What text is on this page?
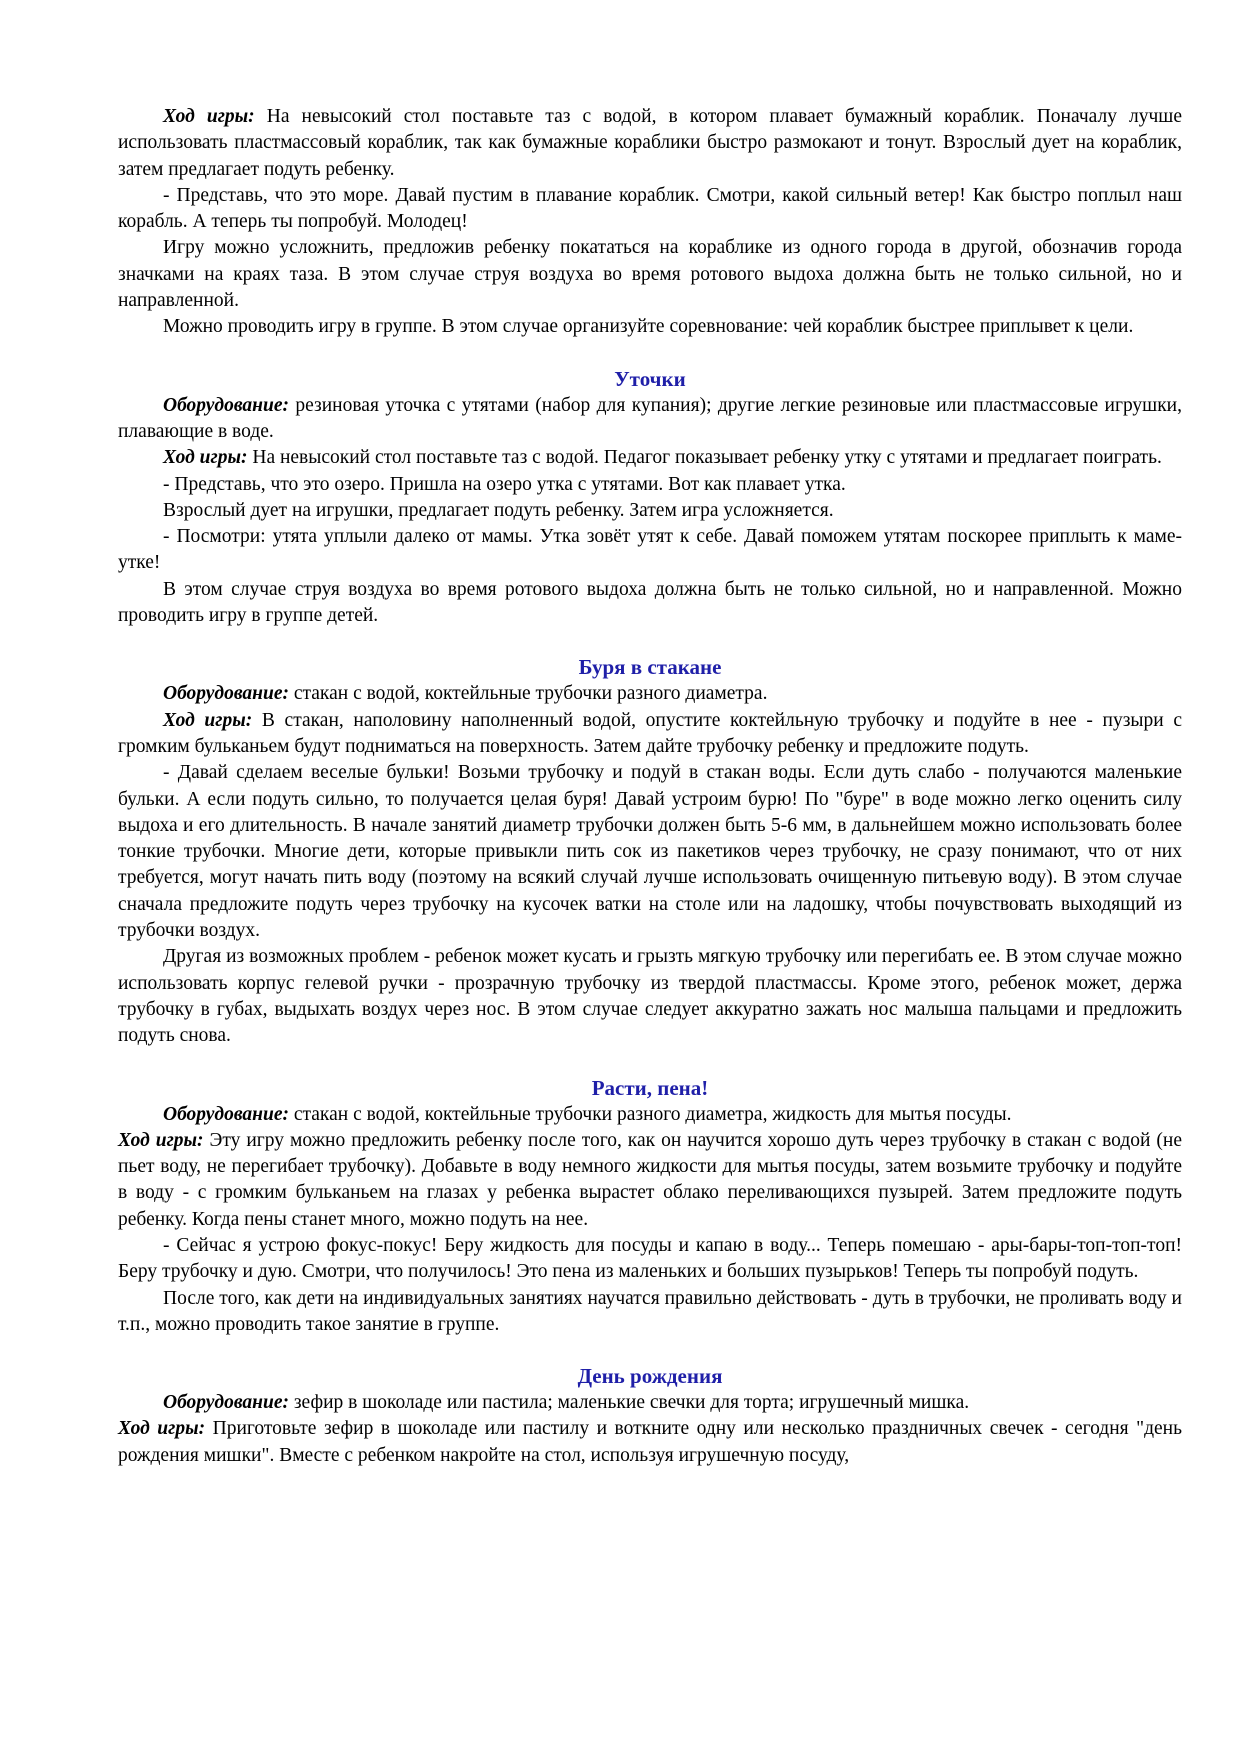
Ход игры: На невысокий стол поставьте таз с водой, в котором плавает бумажный кораблик. Поначалу лучше использовать пластмассовый кораблик, так как бумажные кораблики быстро размокают и тонут. Взрослый дует на кораблик, затем предлагает подуть ребенку.

- Представь, что это море. Давай пустим в плавание кораблик. Смотри, какой сильный ветер! Как быстро поплыл наш корабль. А теперь ты попробуй. Молодец!

Игру можно усложнить, предложив ребенку покататься на кораблике из одного города в другой, обозначив города значками на краях таза. В этом случае струя воздуха во время ротового выдоха должна быть не только сильной, но и направленной.

Можно проводить игру в группе. В этом случае организуйте соревнование: чей кораблик быстрее приплывет к цели.

Уточки

Оборудование: резиновая уточка с утятами (набор для купания); другие легкие резиновые или пластмассовые игрушки, плавающие в воде.

Ход игры: На невысокий стол поставьте таз с водой. Педагог показывает ребенку утку с утятами и предлагает поиграть.

- Представь, что это озеро. Пришла на озеро утка с утятами. Вот как плавает утка.

Взрослый дует на игрушки, предлагает подуть ребенку. Затем игра усложняется.

- Посмотри: утята уплыли далеко от мамы. Утка зовёт утят к себе. Давай поможем утятам поскорее приплыть к маме-утке!

В этом случае струя воздуха во время ротового выдоха должна быть не только сильной, но и направленной. Можно проводить игру в группе детей.

Буря в стакане

Оборудование: стакан с водой, коктейльные трубочки разного диаметра.

Ход игры: В стакан, наполовину наполненный водой, опустите коктейльную трубочку и подуйте в нее - пузыри с громким бульканьем будут подниматься на поверхность. Затем дайте трубочку ребенку и предложите подуть.

- Давай сделаем веселые бульки! Возьми трубочку и подуй в стакан воды. Если дуть слабо - получаются маленькие бульки. А если подуть сильно, то получается целая буря! Давай устроим бурю! По "буре" в воде можно легко оценить силу выдоха и его длительность. В начале занятий диаметр трубочки должен быть 5-6 мм, в дальнейшем можно использовать более тонкие трубочки. Многие дети, которые привыкли пить сок из пакетиков через трубочку, не сразу понимают, что от них требуется, могут начать пить воду (поэтому на всякий случай лучше использовать очищенную питьевую воду). В этом случае сначала предложите подуть через трубочку на кусочек ватки на столе или на ладошку, чтобы почувствовать выходящий из трубочки воздух.

Другая из возможных проблем - ребенок может кусать и грызть мягкую трубочку или перегибать ее. В этом случае можно использовать корпус гелевой ручки - прозрачную трубочку из твердой пластмассы. Кроме этого, ребенок может, держа трубочку в губах, выдыхать воздух через нос. В этом случае следует аккуратно зажать нос малыша пальцами и предложить подуть снова.

Расти, пена!

Оборудование: стакан с водой, коктейльные трубочки разного диаметра, жидкость для мытья посуды.

Ход игры: Эту игру можно предложить ребенку после того, как он научится хорошо дуть через трубочку в стакан с водой (не пьет воду, не перегибает трубочку). Добавьте в воду немного жидкости для мытья посуды, затем возьмите трубочку и подуйте в воду - с громким бульканьем на глазах у ребенка вырастет облако переливающихся пузырей. Затем предложите подуть ребенку. Когда пены станет много, можно подуть на нее.

- Сейчас я устрою фокус-покус! Беру жидкость для посуды и капаю в воду... Теперь помешаю - ары-бары-топ-топ-топ! Беру трубочку и дую. Смотри, что получилось! Это пена из маленьких и больших пузырьков! Теперь ты попробуй подуть.

После того, как дети на индивидуальных занятиях научатся правильно действовать - дуть в трубочки, не проливать воду и т.п., можно проводить такое занятие в группе.

День рождения

Оборудование: зефир в шоколаде или пастила; маленькие свечки для торта; игрушечный мишка.

Ход игры: Приготовьте зефир в шоколаде или пастилу и воткните одну или несколько праздничных свечек - сегодня "день рождения мишки". Вместе с ребенком накройте на стол, используя игрушечную посуду,
